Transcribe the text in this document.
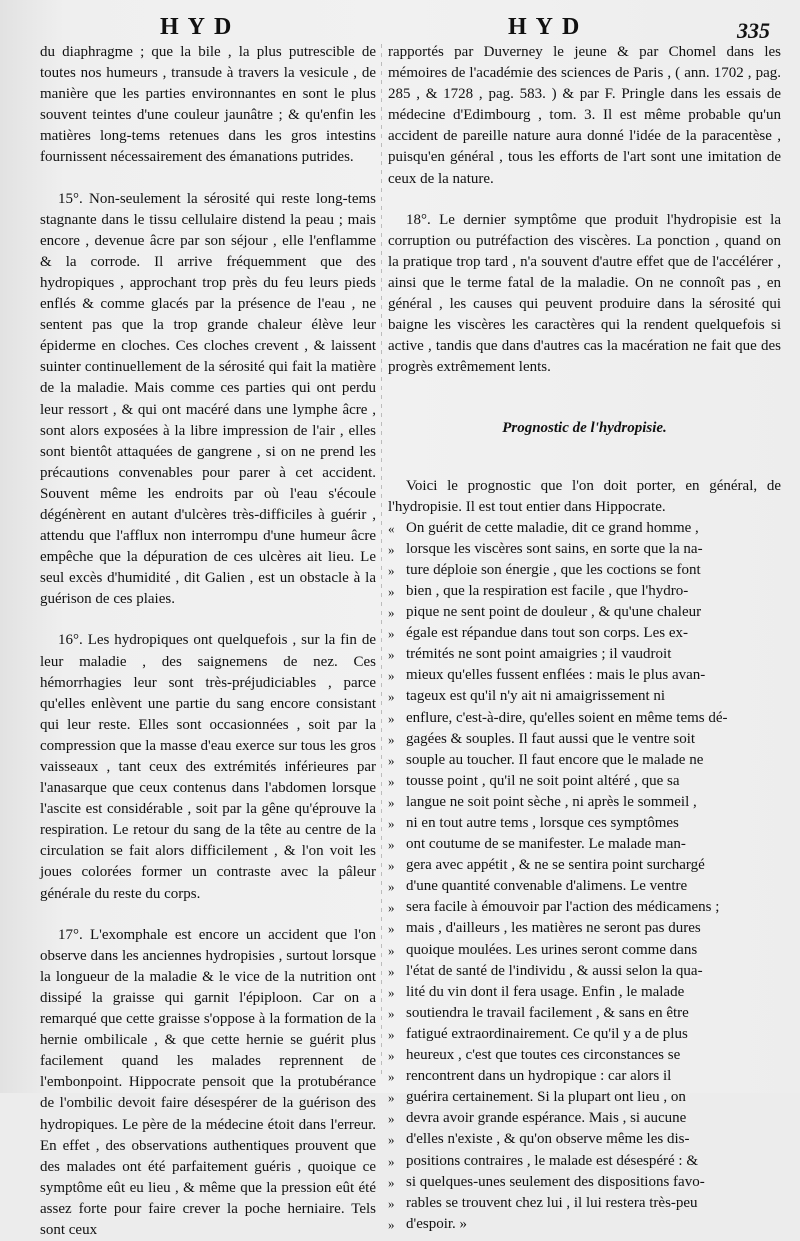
HYD	HYD	335

du diaphragme ; que la bile , la plus putrescible de toutes nos humeurs , transude à travers la vesicule , de manière que les parties environnantes en sont le plus souvent teintes d'une couleur jaunâtre ; & qu'enfin les matières long-tems retenues dans les gros intestins fournissent nécessairement des émanations putrides.

15°. Non-seulement la sérosité qui reste long-tems stagnante dans le tissu cellulaire distend la peau ; mais encore , devenue âcre par son séjour , elle l'enflamme & la corrode. Il arrive fréquemment que des hydropiques , approchant trop près du feu leurs pieds enflés & comme glacés par la présence de l'eau , ne sentent pas que la trop grande chaleur élève leur épiderme en cloches. Ces cloches crevent , & laissent suinter continuellement de la sérosité qui fait la matière de la maladie. Mais comme ces parties qui ont perdu leur ressort , & qui ont macéré dans une lymphe âcre , sont alors exposées à la libre impression de l'air , elles sont bientôt attaquées de gangrene , si on ne prend les précautions convenables pour parer à cet accident. Souvent même les endroits par où l'eau s'écoule dégénèrent en autant d'ulcères très-difficiles à guérir , attendu que l'afflux non interrompu d'une humeur âcre empêche que la dépuration de ces ulcères ait lieu. Le seul excès d'humidité , dit Galien , est un obstacle à la guérison de ces plaies.

16°. Les hydropiques ont quelquefois , sur la fin de leur maladie , des saignemens de nez. Ces hémorrhagies leur sont très-préjudiciables , parce qu'elles enlèvent une partie du sang encore consistant qui leur reste. Elles sont occasionnées , soit par la compression que la masse d'eau exerce sur tous les gros vaisseaux , tant ceux des extrémités inférieures par l'anasarque que ceux contenus dans l'abdomen lorsque l'ascite est considérable , soit par la gêne qu'éprouve la respiration. Le retour du sang de la tête au centre de la circulation se fait alors difficilement , & l'on voit les joues colorées former un contraste avec la pâleur générale du reste du corps.

17°. L'exomphale est encore un accident que l'on observe dans les anciennes hydropisies , surtout lorsque la longueur de la maladie & le vice de la nutrition ont dissipé la graisse qui garnit l'épiploon. Car on a remarqué que cette graisse s'oppose à la formation de la hernie ombilicale , & que cette hernie se guérit plus facilement quand les malades reprennent de l'embonpoint. Hippocrate pensoit que la protubérance de l'ombilic devoit faire désespérer de la guérison des hydropiques. Le père de la médecine étoit dans l'erreur. En effet , des observations authentiques prouvent que des malades ont été parfaitement guéris , quoique ce symptôme eût eu lieu , & même que la pression eût été assez forte pour faire crever la poche herniaire. Tels sont ceux

rapportés par Duverney le jeune & par Chomel dans les mémoires de l'académie des sciences de Paris , ( ann. 1702 , pag. 285 , & 1728 , pag. 583. ) & par F. Pringle dans les essais de médecine d'Edimbourg , tom. 3. Il est même probable qu'un accident de pareille nature aura donné l'idée de la paracentèse , puisqu'en général , tous les efforts de l'art sont une imitation de ceux de la nature.

18°. Le dernier symptôme que produit l'hydropisie est la corruption ou putréfaction des viscères. La ponction , quand on la pratique trop tard , n'a souvent d'autre effet que de l'accélérer , ainsi que le terme fatal de la maladie. On ne connoît pas , en général , les causes qui peuvent produire dans la sérosité qui baigne les viscères les caractères qui la rendent quelquefois si active , tandis que dans d'autres cas la macération ne fait que des progrès extrêmement lents.

Prognostic de l'hydropisie.

Voici le prognostic que l'on doit porter, en général, de l'hydropisie. Il est tout entier dans Hippocrate.

« On guérit de cette maladie, dit ce grand homme ,
» lorsque les viscères sont sains, en sorte que la na-
» ture déploie son énergie , que les coctions se font
» bien , que la respiration est facile , que l'hydro-
» pique ne sent point de douleur , & qu'une chaleur
» égale est répandue dans tout son corps. Les ex-
» trémités ne sont point amaigries ; il vaudroit
» mieux qu'elles fussent enflées : mais le plus avan-
» tageux est qu'il n'y ait ni amaigrissement ni
» enflure, c'est-à-dire, qu'elles soient en même tems dé-
» gagées & souples. Il faut aussi que le ventre soit
» souple au toucher. Il faut encore que le malade ne
» tousse point , qu'il ne soit point altéré , que sa
» langue ne soit point sèche , ni après le sommeil ,
» ni en tout autre tems , lorsque ces symptômes
» ont coutume de se manifester. Le malade man-
» gera avec appétit , & ne se sentira point surchargé
» d'une quantité convenable d'alimens. Le ventre
» sera facile à émouvoir par l'action des médicamens ;
» mais , d'ailleurs , les matières ne seront pas dures
» quoique moulées. Les urines seront comme dans
» l'état de santé de l'individu , & aussi selon la qua-
» lité du vin dont il fera usage. Enfin , le malade
» soutiendra le travail facilement , & sans en être
» fatigué extraordinairement. Ce qu'il y a de plus
» heureux , c'est que toutes ces circonstances se
» rencontrent dans un hydropique : car alors il
» guérira certainement. Si la plupart ont lieu , on
» devra avoir grande espérance. Mais , si aucune
» d'elles n'existe , & qu'on observe même les dis-
» positions contraires , le malade est désespéré : &
» si quelques-unes seulement des dispositions favo-
» rables se trouvent chez lui , il lui restera très-peu
» d'espoir. »
